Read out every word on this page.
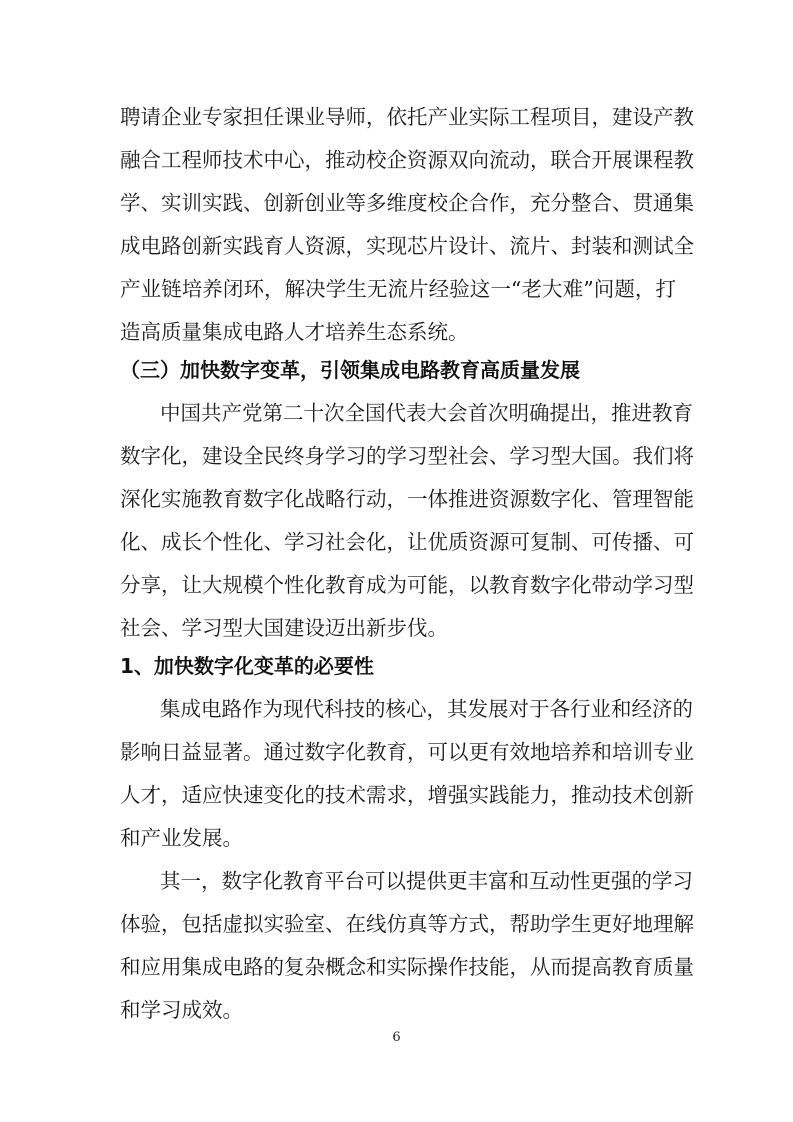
聘请企业专家担任课业导师，依托产业实际工程项目，建设产教
融合工程师技术中心，推动校企资源双向流动，联合开展课程教
学、实训实践、创新创业等多维度校企合作，充分整合、贯通集
成电路创新实践育人资源，实现芯片设计、流片、封装和测试全
产业链培养闭环，解决学生无流片经验这一“老大难”问题，打
造高质量集成电路人才培养生态系统。
（三）加快数字变革，引领集成电路教育高质量发展
中国共产党第二十次全国代表大会首次明确提出，推进教育
数字化，建设全民终身学习的学习型社会、学习型大国。我们将
深化实施教育数字化战略行动，一体推进资源数字化、管理智能
化、成长个性化、学习社会化，让优质资源可复制、可传播、可
分享，让大规模个性化教育成为可能，以教育数字化带动学习型
社会、学习型大国建设迈出新步伐。
1、加快数字化变革的必要性
集成电路作为现代科技的核心，其发展对于各行业和经济的
影响日益显著。通过数字化教育，可以更有效地培养和培训专业
人才，适应快速变化的技术需求，增强实践能力，推动技术创新
和产业发展。
其一，数字化教育平台可以提供更丰富和互动性更强的学习
体验，包括虚拟实验室、在线仿真等方式，帮助学生更好地理解
和应用集成电路的复杂概念和实际操作技能，从而提高教育质量
和学习成效。
6
